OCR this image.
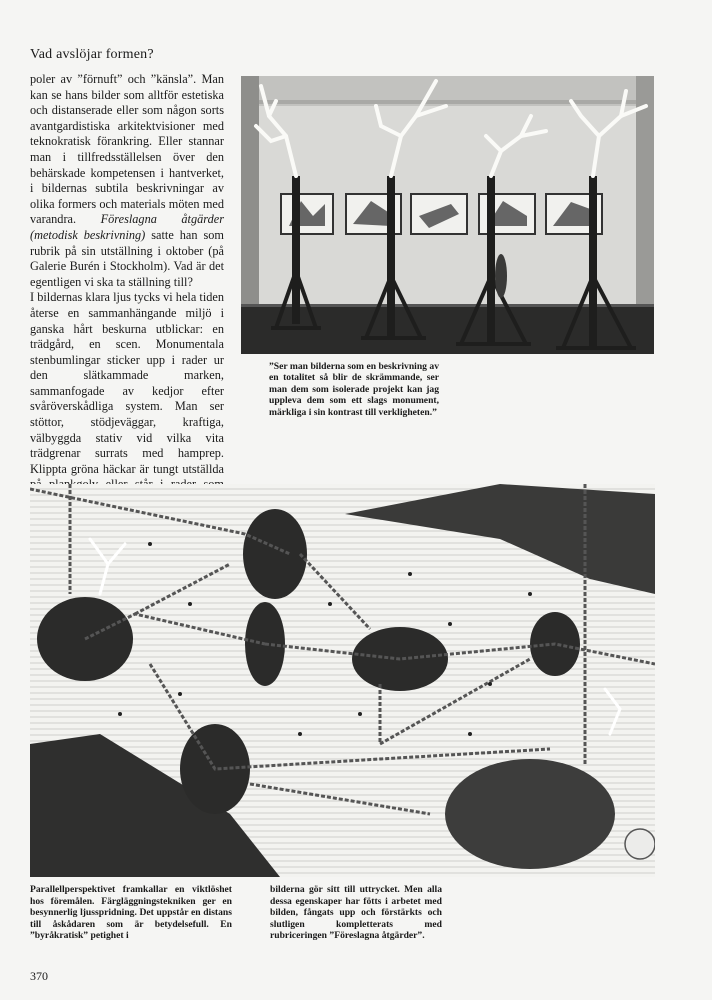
Vad avslöjar formen?

poler av ”förnuft” och ”känsla”. Man kan se hans bilder som alltför estetiska och distanserade eller som någon sorts avantgardistiska arkitektvisioner med teknokratisk förankring. Eller stannar man i tillfredsställelsen över den behärskade kompetensen i hantverket, i bildernas subtila beskrivningar av olika formers och materials möten med varandra. Föreslagna åtgärder (metodisk beskrivning) satte han som rubrik på sin utställning i oktober (på Galerie Burén i Stockholm). Vad är det egentligen vi ska ta ställning till?

I bildernas klara ljus tycks vi hela tiden återse en sammanhängande miljö i ganska hårt beskurna utblickar: en trädgård, en scen. Monumentala stenbumlingar sticker upp i rader ur den slätkammade marken, sammanfogade av kedjor efter svåröverskådliga system. Man ser stöttor, stödjeväggar, kraftiga, välbyggda stativ vid vilka vita trädgrenar surrats med hamprep. Klippta gröna häckar är tungt utställda

”Ser man bilderna som en beskrivning av en totalitet så blir de skrämmande, ser man dem som isolerade projekt kan jag uppleva dem som ett slags monument, märkliga i sin kontrast till verkligheten.”
Parallellperspektivet framkallar en viktlöshet hos föremålen. Färgläggningstekniken ger en besynnerlig ljusspridning. Det uppstår en distans till åskådaren som är betydelsefull. En ”byråkratisk” petighet i
bilderna gör sitt till uttrycket. Men alla dessa egenskaper har fötts i arbetet med bilden, fångats upp och förstärkts och slutligen kompletterats med rubriceringen ”Föreslagna åtgärder”.
370
